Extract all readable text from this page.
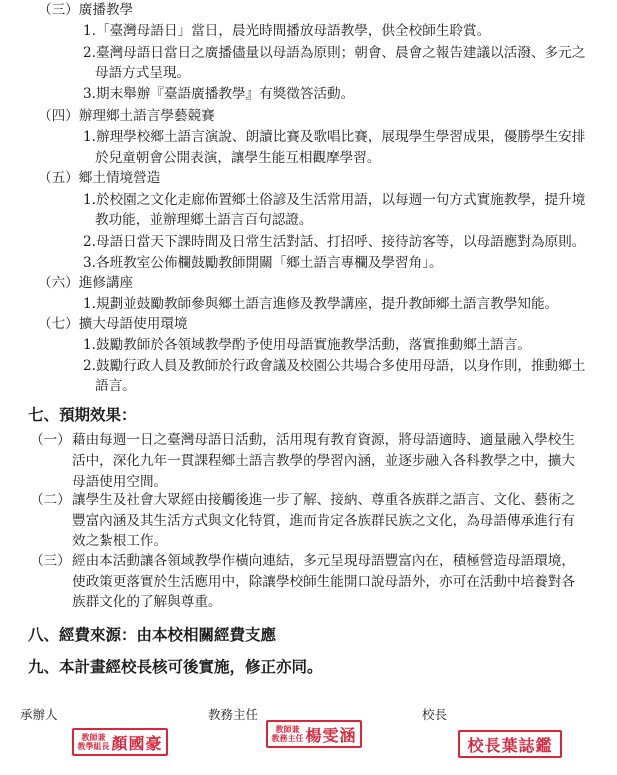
（三）廣播教學
1.「臺灣母語日」當日，晨光時間播放母語教學，供全校師生聆賞。
2.臺灣母語日當日之廣播儘量以母語為原則；朝會、晨會之報告建議以活潑、多元之
母語方式呈現。
3.期末舉辦『臺語廣播教學』有獎徵答活動。
（四）辦理鄉土語言學藝競賽
1.辦理學校鄉土語言演說、朗讀比賽及歌唱比賽，展現學生學習成果，優勝學生安排
於兒童朝會公開表演，讓學生能互相觀摩學習。
（五）鄉土情境營造
1.於校園之文化走廊佈置鄉土俗諺及生活常用語，以每週一句方式實施教學，提升境
教功能，並辦理鄉土語言百句認證。
2.母語日當天下課時間及日常生活對話、打招呼、接待訪客等，以母語應對為原則。
3.各班教室公佈欄鼓勵教師開關「鄉土語言專欄及學習角」。
（六）進修講座
1.規劃並鼓勵教師參與鄉土語言進修及教學講座，提升教師鄉土語言教學知能。
（七）擴大母語使用環境
1.鼓勵教師於各領域教學酌予使用母語實施教學活動，落實推動鄉土語言。
2.鼓勵行政人員及教師於行政會議及校園公共場合多使用母語，以身作則，推動鄉土
語言。
七、預期效果：
（一） 藉由每週一日之臺灣母語日活動，活用現有教育資源，將母語適時、適量融入學校生
活中，深化九年一貫課程鄉土語言教學的學習內涵，並逐步融入各科教學之中，擴大
母語使用空間。
（二） 讓學生及社會大眾經由接觸後進一步了解、接納、尊重各族群之語言、文化、藝術之
豐富內涵及其生活方式與文化特質，進而肯定各族群民族之文化，為母語傳承進行有
效之紮根工作。
（三） 經由本活動讓各領域教學作橫向連結，多元呈現母語豐富內在，積極營造母語環境，
使政策更落實於生活應用中，除讓學校師生能開口說母語外，亦可在活動中培養對各
族群文化的了解與尊重。
八、經費來源：由本校相關經費支應
九、本計畫經校長核可後實施，修正亦同。
承辦人	教務主任	校長
教師兼
教學組長 顏國豪
教師兼
教務主任 楊雯涵
校長葉誌鑑
